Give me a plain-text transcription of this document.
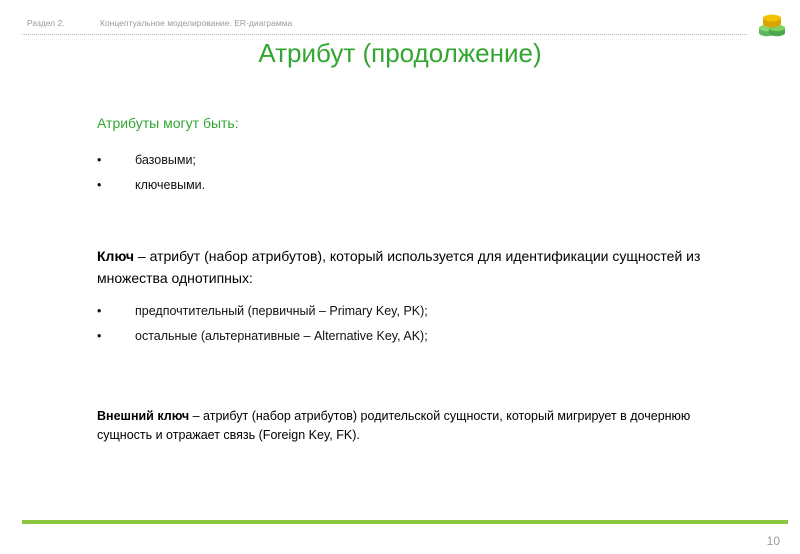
Раздел 2.	Концептуальное моделирование. ER-диаграмма
Атрибут (продолжение)
Атрибуты могут быть:
•	базовыми;
•	ключевыми.

Ключ – атрибут (набор атрибутов), который используется для идентификации сущностей из множества однотипных:

•	предпочтительный (первичный – Primary Key, PK);
•	остальные (альтернативные – Alternative Key, AK);

Внешний ключ – атрибут (набор атрибутов) родительской сущности, который мигрирует в дочернюю сущность и отражает связь (Foreign Key, FK).

10
